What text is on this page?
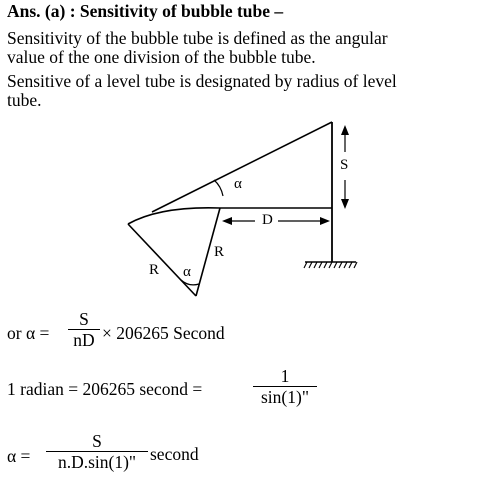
Ans. (a) : Sensitivity of bubble tube –
Sensitivity of the bubble tube is defined as the angular
value of the one division of the bubble tube.
Sensitive of a level tube is designated by radius of level
tube.
α
α
D
R
R
S
or $\alpha = \frac{S}{nD} \times 206265$ Second
1 radian = 206265 second =	$\frac{1}{\sin(1)"}$
$\alpha = \frac{S}{n.D.\sin(1)"}$ second
